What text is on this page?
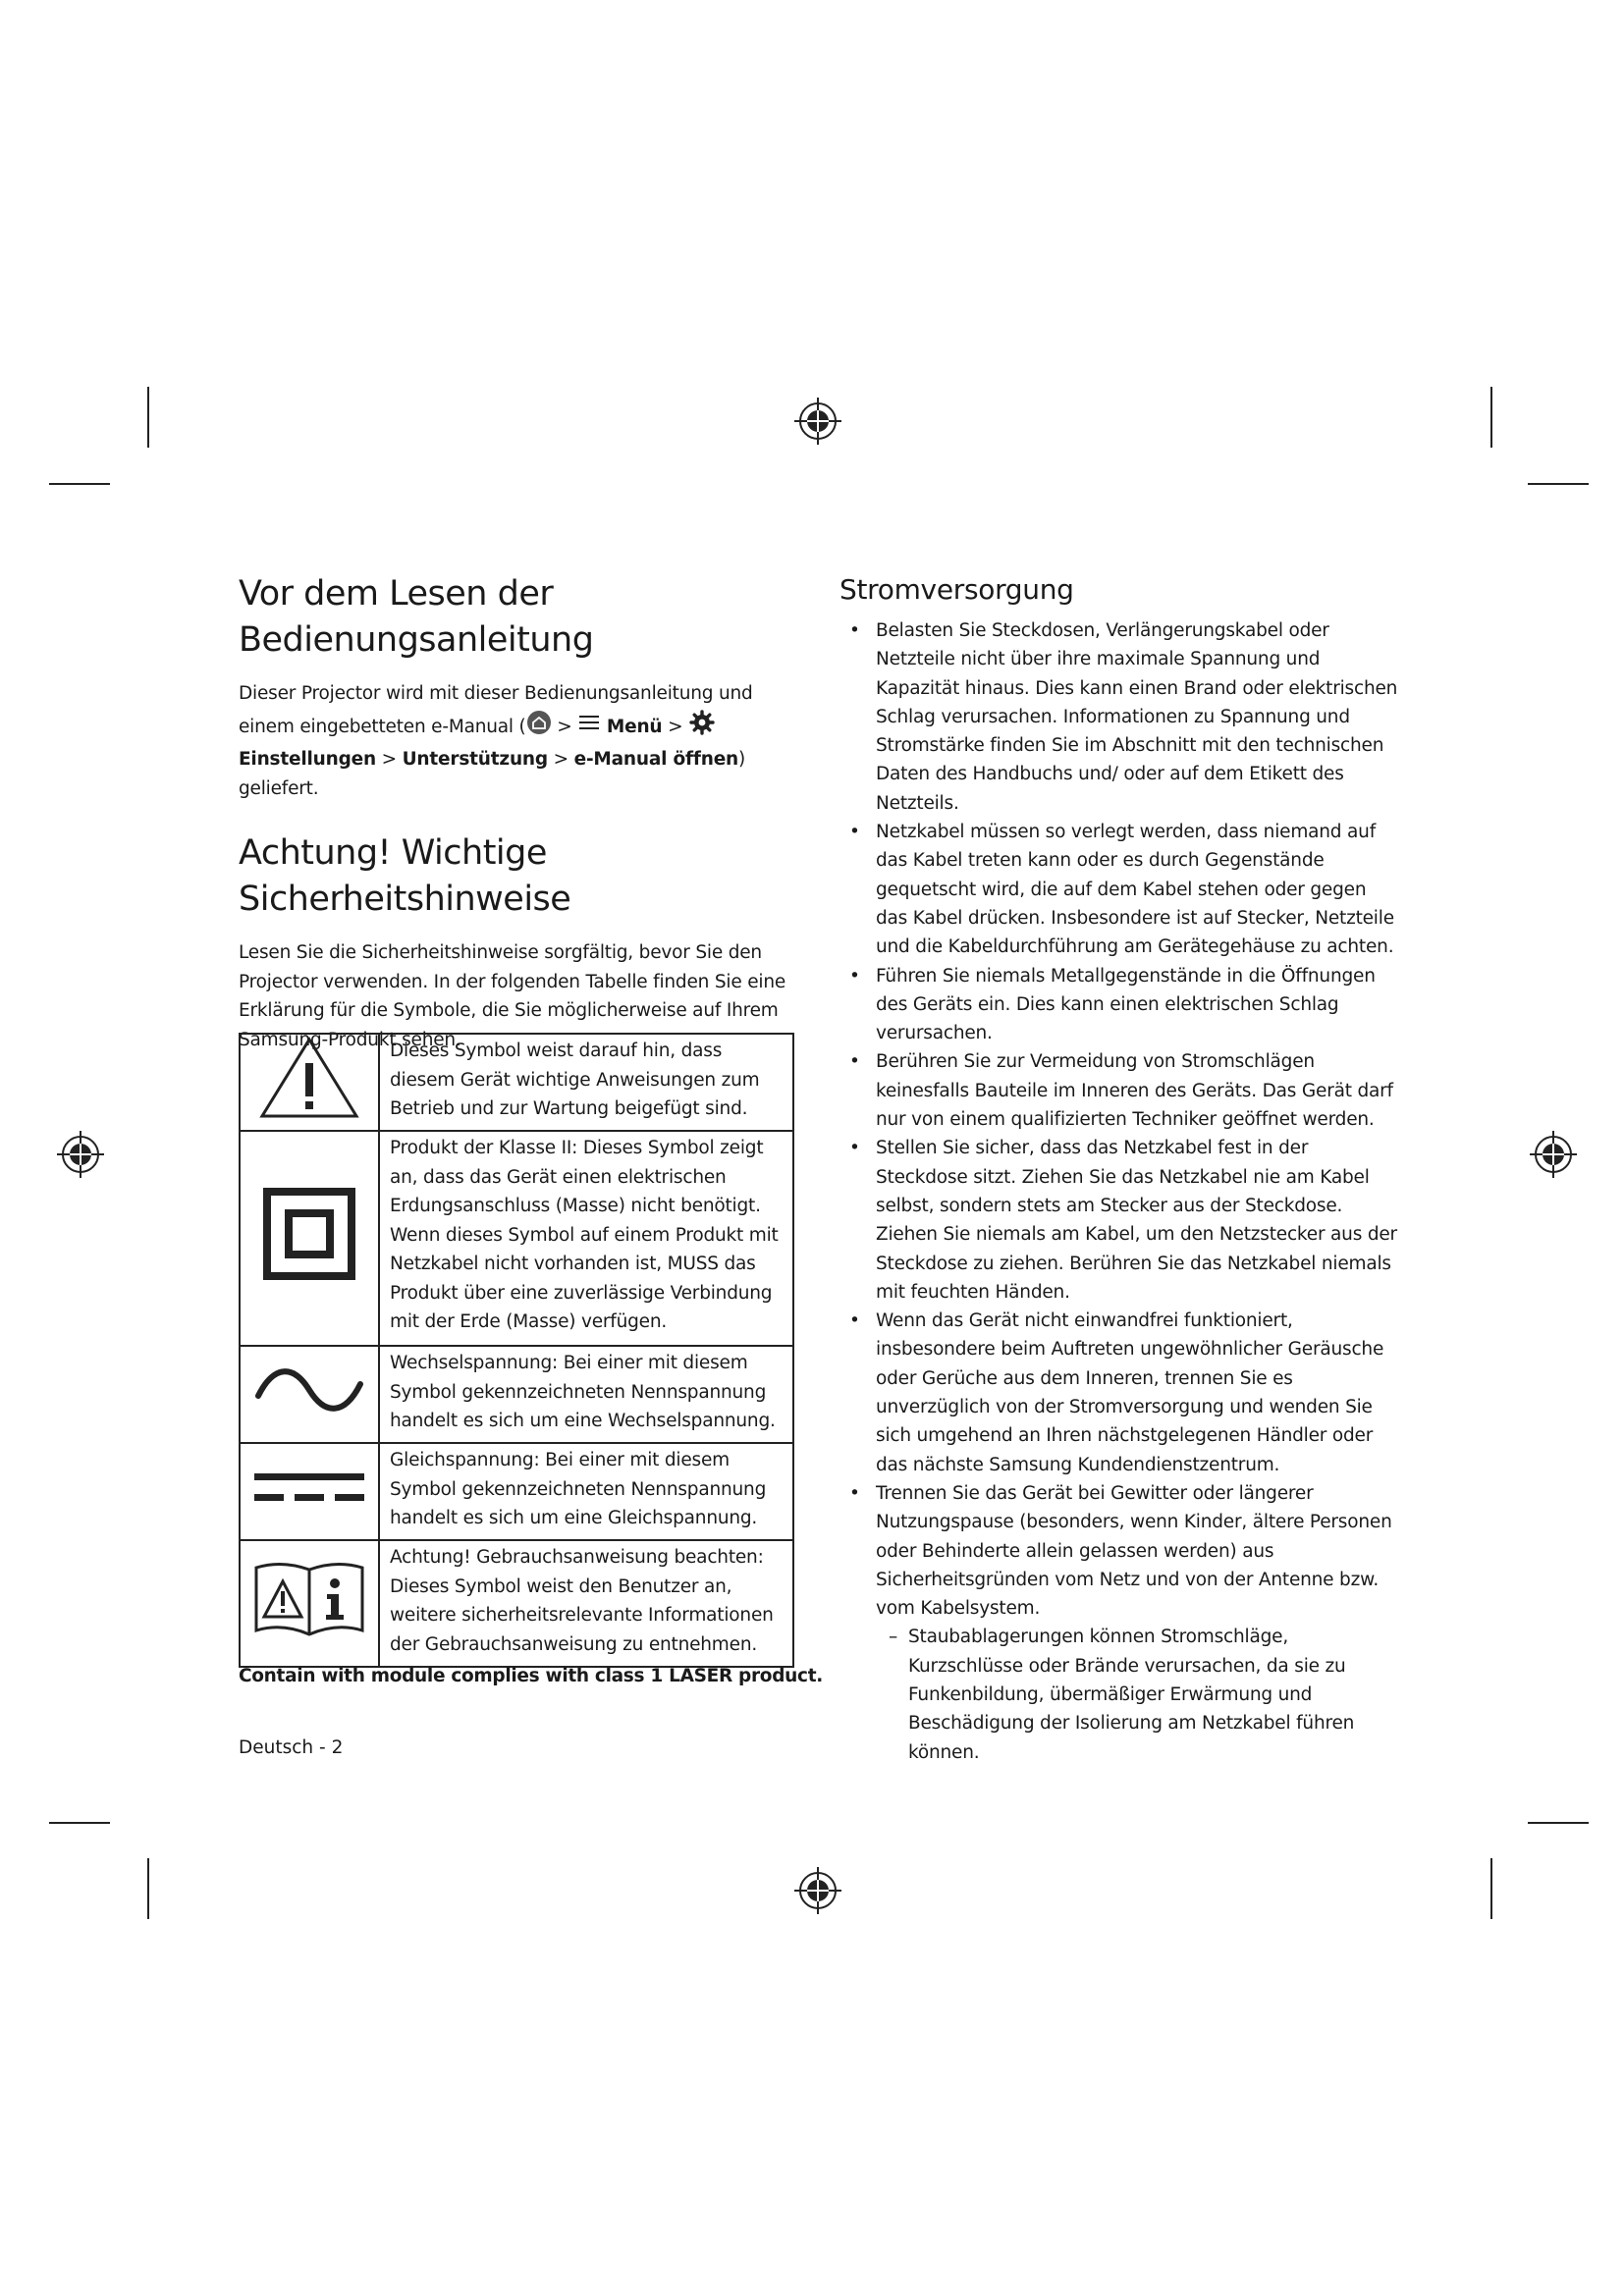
Vor dem Lesen der Bedienungsanleitung

Dieser Projector wird mit dieser Bedienungsanleitung und einem eingebetteten e-Manual ( >  Menü > Einstellungen > Unterstützung > e-Manual öffnen) geliefert.

Achtung! Wichtige Sicherheitshinweise

Lesen Sie die Sicherheitshinweise sorgfältig, bevor Sie den Projector verwenden. In der folgenden Tabelle finden Sie eine Erklärung für die Symbole, die Sie möglicherweise auf Ihrem Samsung-Produkt sehen.

	Dieses Symbol weist darauf hin, dass diesem Gerät wichtige Anweisungen zum Betrieb und zur Wartung beigefügt sind.
	Produkt der Klasse II: Dieses Symbol zeigt an, dass das Gerät einen elektrischen Erdungsanschluss (Masse) nicht benötigt. Wenn dieses Symbol auf einem Produkt mit Netzkabel nicht vorhanden ist, MUSS das Produkt über eine zuverlässige Verbindung mit der Erde (Masse) verfügen.
	Wechselspannung: Bei einer mit diesem Symbol gekennzeichneten Nennspannung handelt es sich um eine Wechselspannung.
	Gleichspannung: Bei einer mit diesem Symbol gekennzeichneten Nennspannung handelt es sich um eine Gleichspannung.
	Achtung! Gebrauchsanweisung beachten: Dieses Symbol weist den Benutzer an, weitere sicherheitsrelevante Informationen der Gebrauchsanweisung zu entnehmen.
Contain with module complies with class 1 LASER product.
Deutsch - 2
Stromversorgung
• Belasten Sie Steckdosen, Verlängerungskabel oder Netzteile nicht über ihre maximale Spannung und Kapazität hinaus. Dies kann einen Brand oder elektrischen Schlag verursachen. Informationen zu Spannung und Stromstärke finden Sie im Abschnitt mit den technischen Daten des Handbuchs und/ oder auf dem Etikett des Netzteils.
• Netzkabel müssen so verlegt werden, dass niemand auf das Kabel treten kann oder es durch Gegenstände gequetscht wird, die auf dem Kabel stehen oder gegen das Kabel drücken. Insbesondere ist auf Stecker, Netzteile und die Kabeldurchführung am Gerätegehäuse zu achten.
• Führen Sie niemals Metallgegenstände in die Öffnungen des Geräts ein. Dies kann einen elektrischen Schlag verursachen.
• Berühren Sie zur Vermeidung von Stromschlägen keinesfalls Bauteile im Inneren des Geräts. Das Gerät darf nur von einem qualifizierten Techniker geöffnet werden.
• Stellen Sie sicher, dass das Netzkabel fest in der Steckdose sitzt. Ziehen Sie das Netzkabel nie am Kabel selbst, sondern stets am Stecker aus der Steckdose. Ziehen Sie niemals am Kabel, um den Netzstecker aus der Steckdose zu ziehen. Berühren Sie das Netzkabel niemals mit feuchten Händen.
• Wenn das Gerät nicht einwandfrei funktioniert, insbesondere beim Auftreten ungewöhnlicher Geräusche oder Gerüche aus dem Inneren, trennen Sie es unverzüglich von der Stromversorgung und wenden Sie sich umgehend an Ihren nächstgelegenen Händler oder das nächste Samsung Kundendienstzentrum.
• Trennen Sie das Gerät bei Gewitter oder längerer Nutzungspause (besonders, wenn Kinder, ältere Personen oder Behinderte allein gelassen werden) aus Sicherheitsgründen vom Netz und von der Antenne bzw. vom Kabelsystem.
– Staubablagerungen können Stromschläge, Kurzschlüsse oder Brände verursachen, da sie zu Funkenbildung, übermäßiger Erwärmung und Beschädigung der Isolierung am Netzkabel führen können.
